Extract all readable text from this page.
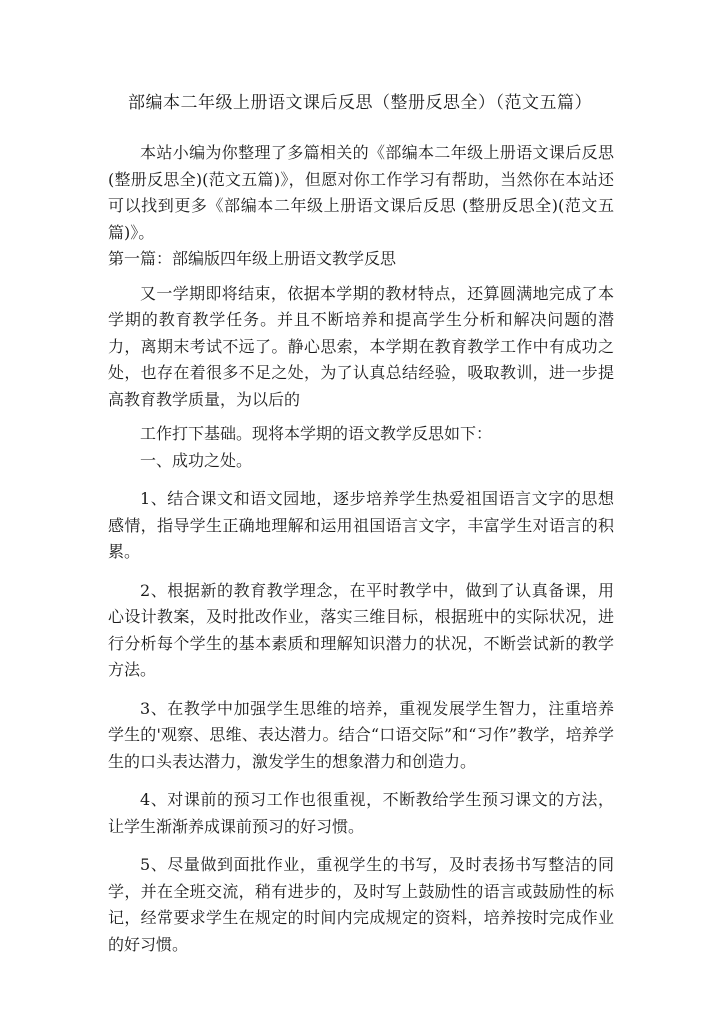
部编本二年级上册语文课后反思（整册反思全）（范文五篇）

本站小编为你整理了多篇相关的《部编本二年级上册语文课后反思(整册反思全)(范文五篇)》，但愿对你工作学习有帮助，当然你在本站还可以找到更多《部编本二年级上册语文课后反思 (整册反思全)(范文五篇)》。

第一篇：部编版四年级上册语文教学反思

又一学期即将结束，依据本学期的教材特点，还算圆满地完成了本学期的教育教学任务。并且不断培养和提高学生分析和解决问题的潜力，离期末考试不远了。静心思索，本学期在教育教学工作中有成功之处，也存在着很多不足之处，为了认真总结经验，吸取教训，进一步提高教育教学质量，为以后的

工作打下基础。现将本学期的语文教学反思如下：

一、成功之处。

1、结合课文和语文园地，逐步培养学生热爱祖国语言文字的思想感情，指导学生正确地理解和运用祖国语言文字，丰富学生对语言的积累。

2、根据新的教育教学理念，在平时教学中，做到了认真备课，用心设计教案，及时批改作业，落实三维目标，根据班中的实际状况，进行分析每个学生的基本素质和理解知识潜力的状况，不断尝试新的教学方法。

3、在教学中加强学生思维的培养，重视发展学生智力，注重培养学生的'观察、思维、表达潜力。结合“口语交际”和“习作”教学，培养学生的口头表达潜力，激发学生的想象潜力和创造力。

4、对课前的预习工作也很重视，不断教给学生预习课文的方法，让学生渐渐养成课前预习的好习惯。

5、尽量做到面批作业，重视学生的书写，及时表扬书写整洁的同学，并在全班交流，稍有进步的，及时写上鼓励性的语言或鼓励性的标记，经常要求学生在规定的时间内完成规定的资料，培养按时完成作业的好习惯。
